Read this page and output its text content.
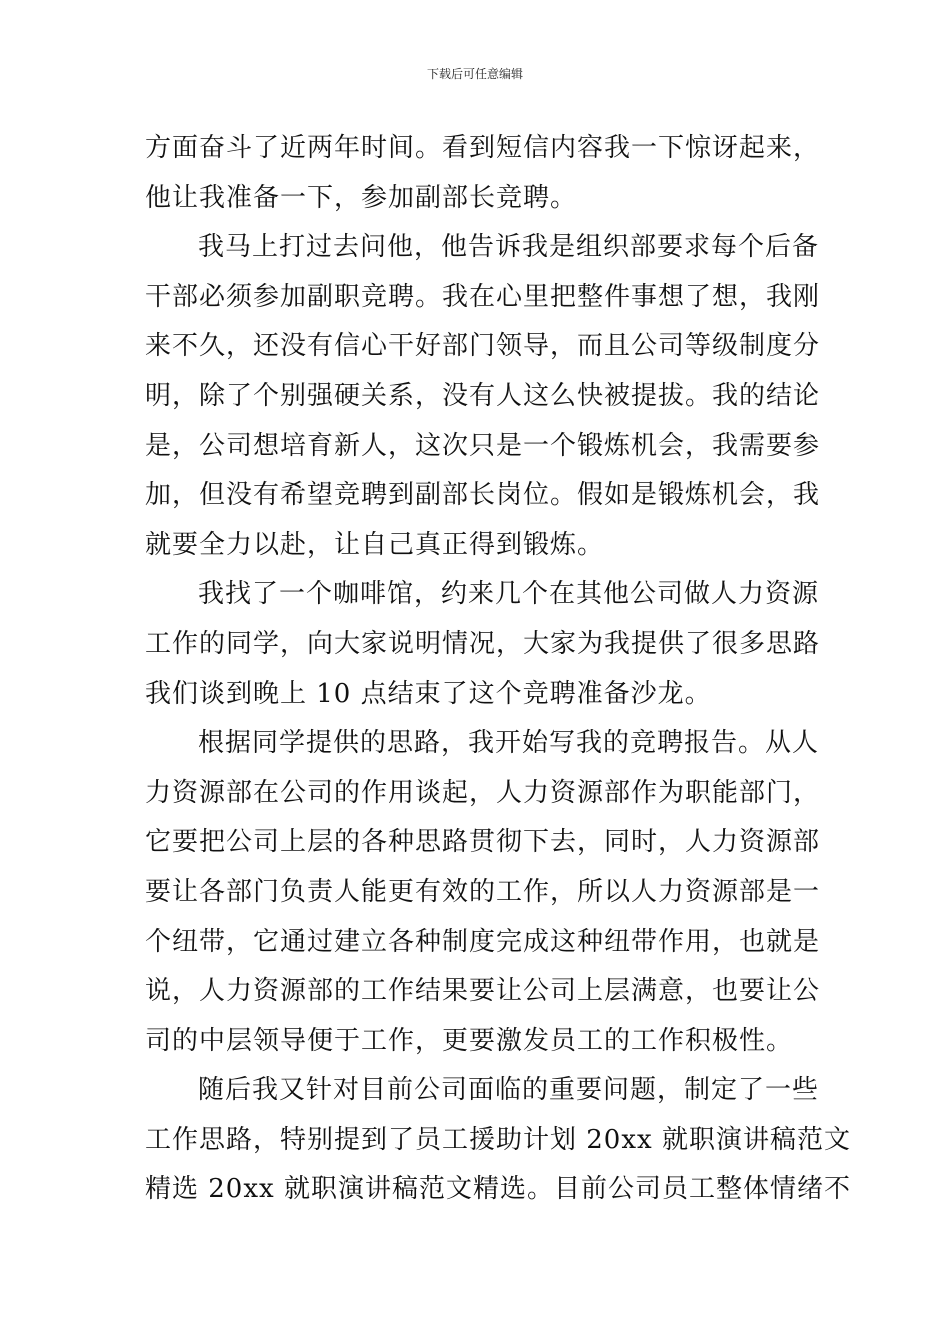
下载后可任意编辑
方面奋斗了近两年时间。看到短信内容我一下惊讶起来，
他让我准备一下，参加副部长竞聘。
我马上打过去问他，他告诉我是组织部要求每个后备
干部必须参加副职竞聘。我在心里把整件事想了想，我刚
来不久，还没有信心干好部门领导，而且公司等级制度分
明，除了个别强硬关系，没有人这么快被提拔。我的结论
是，公司想培育新人，这次只是一个锻炼机会，我需要参
加，但没有希望竞聘到副部长岗位。假如是锻炼机会，我
就要全力以赴，让自己真正得到锻炼。
我找了一个咖啡馆，约来几个在其他公司做人力资源
工作的同学，向大家说明情况，大家为我提供了很多思路
我们谈到晚上 10 点结束了这个竞聘准备沙龙。
根据同学提供的思路，我开始写我的竞聘报告。从人
力资源部在公司的作用谈起，人力资源部作为职能部门，
它要把公司上层的各种思路贯彻下去，同时，人力资源部
要让各部门负责人能更有效的工作，所以人力资源部是一
个纽带，它通过建立各种制度完成这种纽带作用，也就是
说，人力资源部的工作结果要让公司上层满意，也要让公
司的中层领导便于工作，更要激发员工的工作积极性。
随后我又针对目前公司面临的重要问题，制定了一些
工作思路，特别提到了员工援助计划 20xx 就职演讲稿范文
精选 20xx 就职演讲稿范文精选。目前公司员工整体情绪不
